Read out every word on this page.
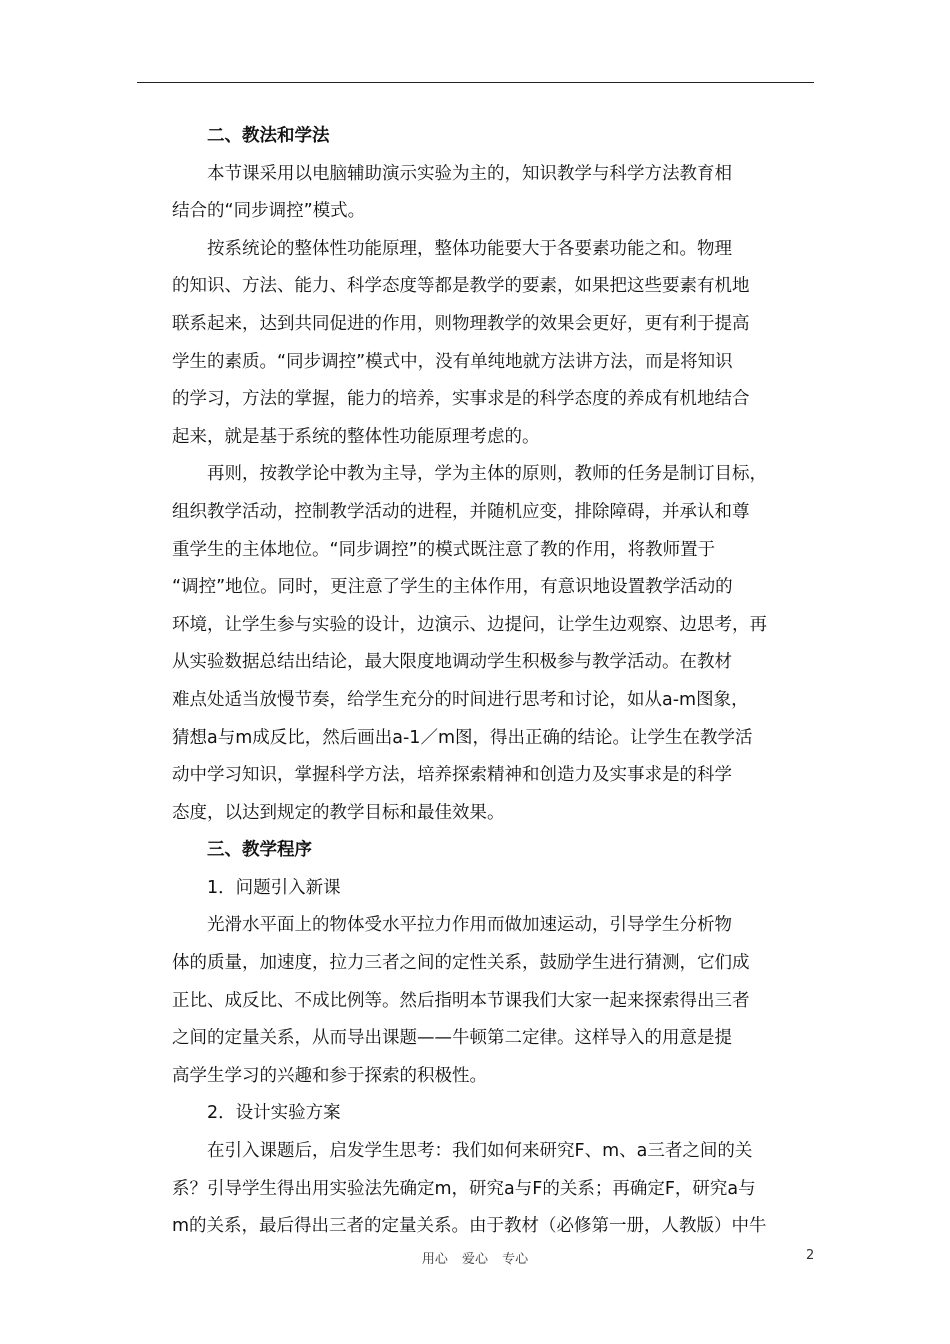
二、教法和学法
本节课采用以电脑辅助演示实验为主的，知识教学与科学方法教育相
结合的“同步调控”模式。
按系统论的整体性功能原理，整体功能要大于各要素功能之和。物理
的知识、方法、能力、科学态度等都是教学的要素，如果把这些要素有机地
联系起来，达到共同促进的作用，则物理教学的效果会更好，更有利于提高
学生的素质。“同步调控”模式中，没有单纯地就方法讲方法，而是将知识
的学习，方法的掌握，能力的培养，实事求是的科学态度的养成有机地结合
起来，就是基于系统的整体性功能原理考虑的。
再则，按教学论中教为主导，学为主体的原则，教师的任务是制订目标，
组织教学活动，控制教学活动的进程，并随机应变，排除障碍，并承认和尊
重学生的主体地位。“同步调控”的模式既注意了教的作用，将教师置于
“调控”地位。同时，更注意了学生的主体作用，有意识地设置教学活动的
环境，让学生参与实验的设计，边演示、边提问，让学生边观察、边思考，再
从实验数据总结出结论，最大限度地调动学生积极参与教学活动。在教材
难点处适当放慢节奏，给学生充分的时间进行思考和讨论，如从a-m图象，
猜想a与m成反比，然后画出a-1／m图，得出正确的结论。让学生在教学活
动中学习知识，掌握科学方法，培养探索精神和创造力及实事求是的科学
态度，以达到规定的教学目标和最佳效果。
三、教学程序
1．问题引入新课
光滑水平面上的物体受水平拉力作用而做加速运动，引导学生分析物
体的质量，加速度，拉力三者之间的定性关系，鼓励学生进行猜测，它们成
正比、成反比、不成比例等。然后指明本节课我们大家一起来探索得出三者
之间的定量关系，从而导出课题——牛顿第二定律。这样导入的用意是提
高学生学习的兴趣和参于探索的积极性。
2．设计实验方案
在引入课题后，启发学生思考：我们如何来研究F、m、a三者之间的关
系？引导学生得出用实验法先确定m，研究a与F的关系；再确定F，研究a与
m的关系，最后得出三者的定量关系。由于教材（必修第一册，人教版）中牛
用心 爱心 专心	2
